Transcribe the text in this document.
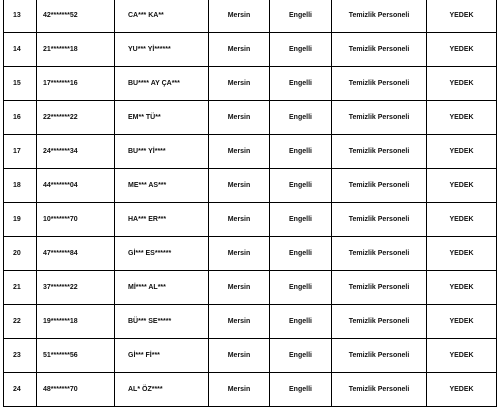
13	42*******52	CA*** KA**	Mersin	Engelli	Temizlik Personeli	YEDEK
14	21*******18	YU*** Yİ******	Mersin	Engelli	Temizlik Personeli	YEDEK
15	17*******16	BU**** AY ÇA***	Mersin	Engelli	Temizlik Personeli	YEDEK
16	22*******22	EM** TÜ**	Mersin	Engelli	Temizlik Personeli	YEDEK
17	24*******34	BU*** Yİ****	Mersin	Engelli	Temizlik Personeli	YEDEK
18	44*******04	ME*** AS***	Mersin	Engelli	Temizlik Personeli	YEDEK
19	10*******70	HA*** ER***	Mersin	Engelli	Temizlik Personeli	YEDEK
20	47*******84	Gİ*** ES******	Mersin	Engelli	Temizlik Personeli	YEDEK
21	37*******22	Mİ**** AL***	Mersin	Engelli	Temizlik Personeli	YEDEK
22	19*******18	BÜ*** SE*****	Mersin	Engelli	Temizlik Personeli	YEDEK
23	51*******56	Gİ*** Fİ***	Mersin	Engelli	Temizlik Personeli	YEDEK
24	48*******70	AL* ÖZ****	Mersin	Engelli	Temizlik Personeli	YEDEK
